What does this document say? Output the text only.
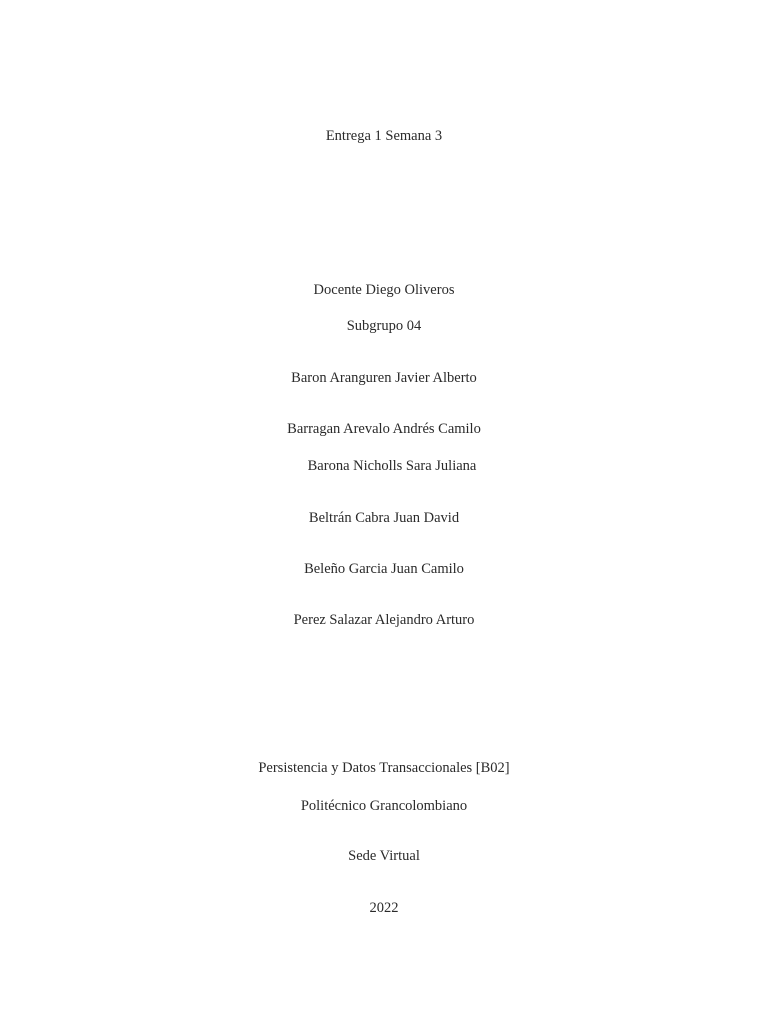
Entrega 1 Semana 3
Docente Diego Oliveros
Subgrupo 04
Baron Aranguren Javier Alberto
Barragan Arevalo Andrés Camilo
Barona Nicholls Sara Juliana
Beltrán Cabra Juan David
Beleño Garcia Juan Camilo
Perez Salazar Alejandro Arturo
Persistencia y Datos Transaccionales [B02]
Politécnico Grancolombiano
Sede Virtual
2022
